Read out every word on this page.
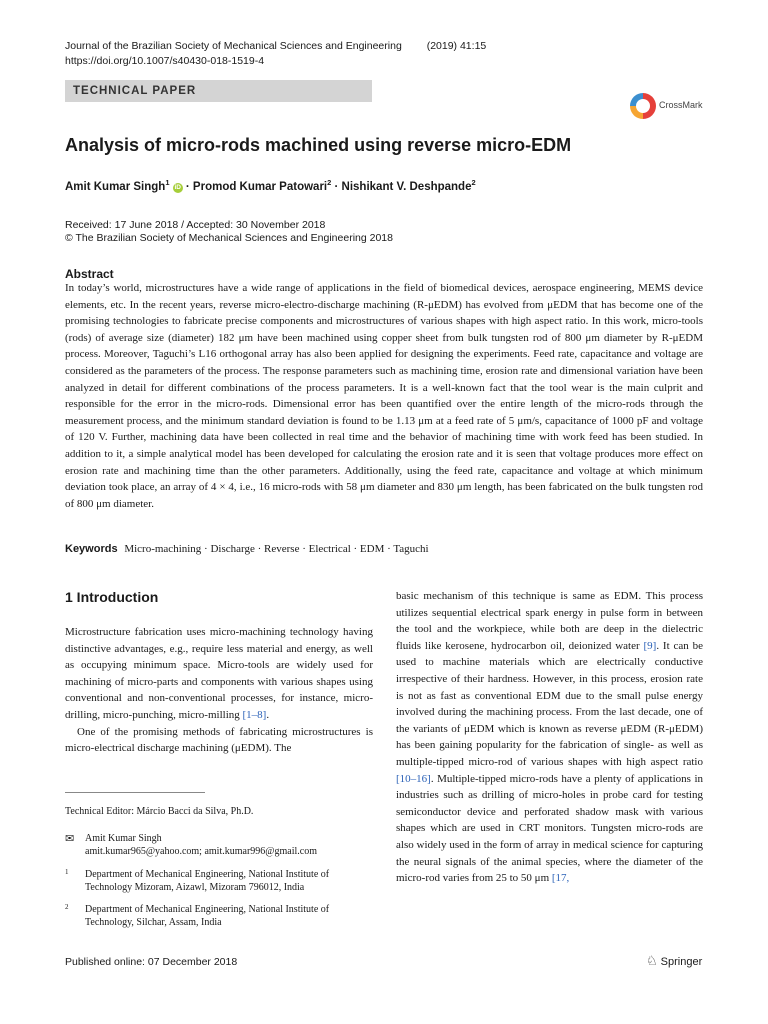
Journal of the Brazilian Society of Mechanical Sciences and Engineering (2019) 41:15
https://doi.org/10.1007/s40430-018-1519-4
TECHNICAL PAPER
CrossMark
Analysis of micro-rods machined using reverse micro-EDM
Amit Kumar Singh$^1$ iD · Promod Kumar Patowari$^2$ · Nishikant V. Deshpande$^2$
Received: 17 June 2018 / Accepted: 30 November 2018
© The Brazilian Society of Mechanical Sciences and Engineering 2018
Abstract
In today’s world, microstructures have a wide range of applications in the field of biomedical devices, aerospace engineering, MEMS device elements, etc. In the recent years, reverse micro-electro-discharge machining (R-μEDM) has evolved from μEDM that has become one of the promising technologies to fabricate precise components and microstructures of various shapes with high aspect ratio. In this work, micro-tools (rods) of average size (diameter) 182 μm have been machined using copper sheet from bulk tungsten rod of 800 μm diameter by R-μEDM process. Moreover, Taguchi’s L16 orthogonal array has also been applied for designing the experiments. Feed rate, capacitance and voltage are considered as the parameters of the process. The response parameters such as machining time, erosion rate and dimensional variation have been analyzed in detail for different combinations of the process parameters. It is a well-known fact that the tool wear is the main culprit and responsible for the error in the micro-rods. Dimensional error has been quantified over the entire length of the micro-rods through the measurement process, and the minimum standard deviation is found to be 1.13 μm at a feed rate of 5 μm/s, capacitance of 1000 pF and voltage of 120 V. Further, machining data have been collected in real time and the behavior of machining time with work feed has been studied. In addition to it, a simple analytical model has been developed for calculating the erosion rate and it is seen that voltage produces more effect on erosion rate and machining time than the other parameters. Additionally, using the feed rate, capacitance and voltage at which minimum deviation took place, an array of 4 × 4, i.e., 16 micro-rods with 58 μm diameter and 830 μm length, has been fabricated on the bulk tungsten rod of 800 μm diameter.
Keywords Micro-machining · Discharge · Reverse · Electrical · EDM · Taguchi
1 Introduction

Microstructure fabrication uses micro-machining technology having distinctive advantages, e.g., require less material and energy, as well as occupying minimum space. Micro-tools are widely used for machining of micro-parts and components with various shapes using conventional and non-conventional processes, for instance, micro-drilling, micro-punching, micro-milling [1–8].

One of the promising methods of fabricating microstructures is micro-electrical discharge machining (μEDM). The

basic mechanism of this technique is same as EDM. This process utilizes sequential electrical spark energy in pulse form in between the tool and the workpiece, while both are deep in the dielectric fluids like kerosene, hydrocarbon oil, deionized water [9]. It can be used to machine materials which are electrically conductive irrespective of their hardness. However, in this process, erosion rate is not as fast as conventional EDM due to the small pulse energy involved during the machining process. From the last decade, one of the variants of μEDM which is known as reverse μEDM (R-μEDM) has been gaining popularity for the fabrication of single- as well as multiple-tipped micro-rod of various shapes with high aspect ratio [10–16]. Multiple-tipped micro-rods have a plenty of applications in industries such as drilling of micro-holes in probe card for testing semiconductor device and perforated shadow mask with various shapes which are used in CRT monitors. Tungsten micro-rods are also widely used in the form of array in medical science for capturing the neural signals of the animal species, where the diameter of the micro-rod varies from 25 to 50 μm [17,
Technical Editor: Márcio Bacci da Silva, Ph.D.
✉ Amit Kumar Singh
amit.kumar965@yahoo.com; amit.kumar996@gmail.com
1 Department of Mechanical Engineering, National Institute of Technology Mizoram, Aizawl, Mizoram 796012, India
2 Department of Mechanical Engineering, National Institute of Technology, Silchar, Assam, India
Published online: 07 December 2018	♘ Springer
